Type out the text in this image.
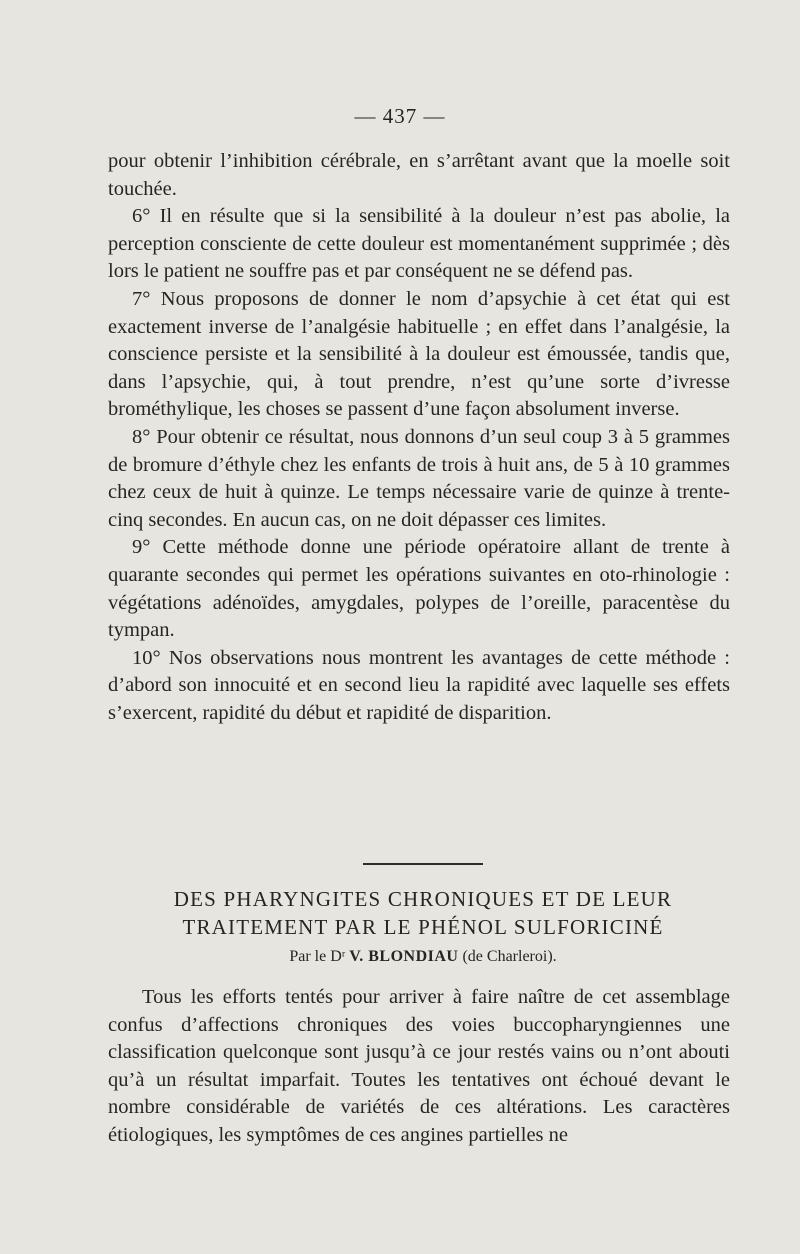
— 437 —

pour obtenir l’inhibition cérébrale, en s’arrêtant avant que la moelle soit touchée.

6° Il en résulte que si la sensibilité à la douleur n’est pas abolie, la perception consciente de cette douleur est momentanément supprimée ; dès lors le patient ne souffre pas et par conséquent ne se défend pas.

7° Nous proposons de donner le nom d’apsychie à cet état qui est exactement inverse de l’analgésie habituelle ; en effet dans l’analgésie, la conscience persiste et la sensibilité à la douleur est émoussée, tandis que, dans l’apsychie, qui, à tout prendre, n’est qu’une sorte d’ivresse brométhylique, les choses se passent d’une façon absolument inverse.

8° Pour obtenir ce résultat, nous donnons d’un seul coup 3 à 5 grammes de bromure d’éthyle chez les enfants de trois à huit ans, de 5 à 10 grammes chez ceux de huit à quinze. Le temps nécessaire varie de quinze à trente-cinq secondes. En aucun cas, on ne doit dépasser ces limites.

9° Cette méthode donne une période opératoire allant de trente à quarante secondes qui permet les opérations suivantes en oto-rhinologie : végétations adénoïdes, amygdales, polypes de l’oreille, paracentèse du tympan.

10° Nos observations nous montrent les avantages de cette méthode : d’abord son innocuité et en second lieu la rapidité avec laquelle ses effets s’exercent, rapidité du début et rapidité de disparition.

DES PHARYNGITES CHRONIQUES ET DE LEUR
TRAITEMENT PAR LE PHÉNOL SULFORICINÉ
Par le Dʳ V. BLONDIAU (de Charleroi).

Tous les efforts tentés pour arriver à faire naître de cet assemblage confus d’affections chroniques des voies buccopharyngiennes une classification quelconque sont jusqu’à ce jour restés vains ou n’ont abouti qu’à un résultat imparfait. Toutes les tentatives ont échoué devant le nombre considérable de variétés de ces altérations. Les caractères étiologiques, les symptômes de ces angines partielles ne
